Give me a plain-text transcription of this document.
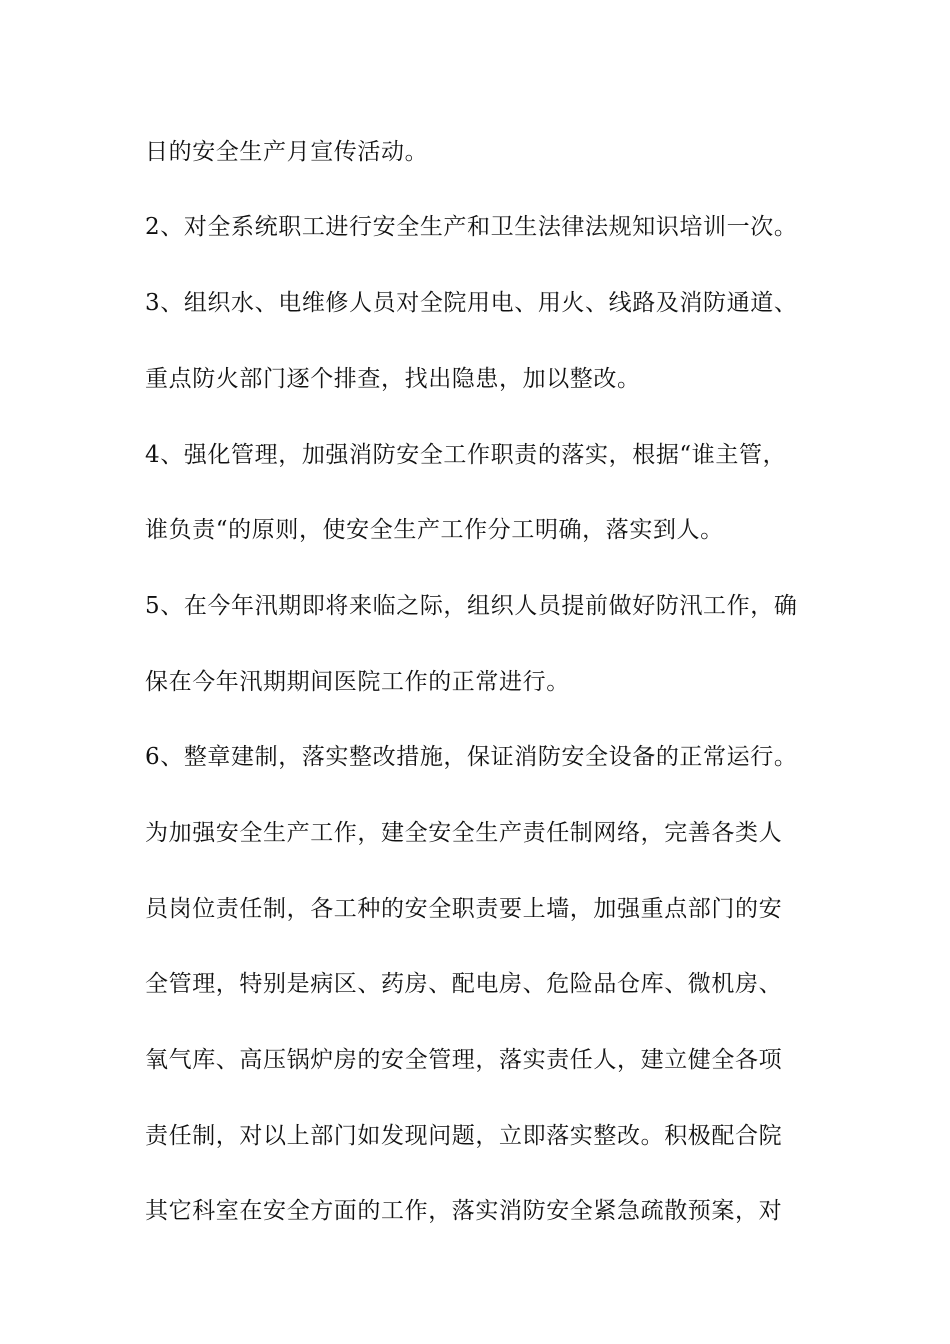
日的安全生产月宣传活动。

2、对全系统职工进行安全生产和卫生法律法规知识培训一次。

3、组织水、电维修人员对全院用电、用火、线路及消防通道、

重点防火部门逐个排查，找出隐患，加以整改。

4、强化管理，加强消防安全工作职责的落实，根据“谁主管，

谁负责“的原则，使安全生产工作分工明确，落实到人。

5、在今年汛期即将来临之际，组织人员提前做好防汛工作，确

保在今年汛期期间医院工作的正常进行。

6、整章建制，落实整改措施，保证消防安全设备的正常运行。

为加强安全生产工作，建全安全生产责任制网络，完善各类人

员岗位责任制，各工种的安全职责要上墙，加强重点部门的安

全管理，特别是病区、药房、配电房、危险品仓库、微机房、

氧气库、高压锅炉房的安全管理，落实责任人，建立健全各项

责任制，对以上部门如发现问题，立即落实整改。积极配合院

其它科室在安全方面的工作，落实消防安全紧急疏散预案，对
